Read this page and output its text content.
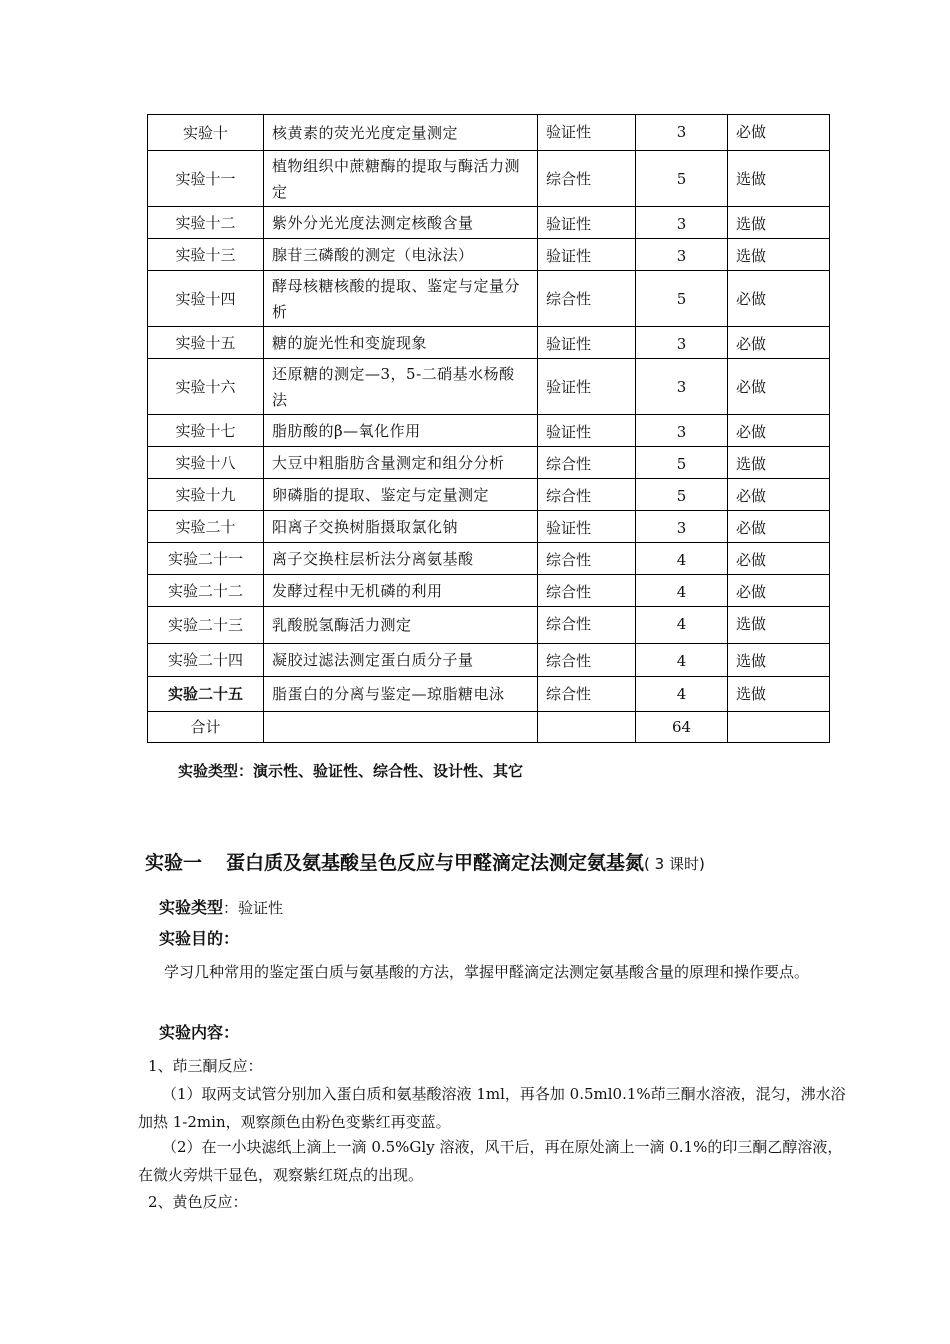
实验十	核黄素的荧光光度定量测定	验证性	3	必做
实验十一	植物组织中蔗糖酶的提取与酶活力测定	综合性	5	选做
实验十二	紫外分光光度法测定核酸含量	验证性	3	选做
实验十三	腺苷三磷酸的测定（电泳法）	验证性	3	选做
实验十四	酵母核糖核酸的提取、鉴定与定量分析	综合性	5	必做
实验十五	糖的旋光性和变旋现象	验证性	3	必做
实验十六	还原糖的测定—3，5-二硝基水杨酸法	验证性	3	必做
实验十七	脂肪酸的β—氧化作用	验证性	3	必做
实验十八	大豆中粗脂肪含量测定和组分分析	综合性	5	选做
实验十九	卵磷脂的提取、鉴定与定量测定	综合性	5	必做
实验二十	阳离子交换树脂摄取氯化钠	验证性	3	必做
实验二十一	离子交换柱层析法分离氨基酸	综合性	4	必做
实验二十二	发酵过程中无机磷的利用	综合性	4	必做
实验二十三	乳酸脱氢酶活力测定	综合性	4	选做
实验二十四	凝胶过滤法测定蛋白质分子量	综合性	4	选做
实验二十五	脂蛋白的分离与鉴定—琼脂糖电泳	综合性	4	选做
合计			64	
实验类型：演示性、验证性、综合性、设计性、其它
实验一 蛋白质及氨基酸呈色反应与甲醛滴定法测定氨基氮( 3 课时)
实验类型：验证性
实验目的：
学习几种常用的鉴定蛋白质与氨基酸的方法，掌握甲醛滴定法测定氨基酸含量的原理和操作要点。
实验内容：
1、茚三酮反应：
（1）取两支试管分别加入蛋白质和氨基酸溶液 1ml，再各加 0.5ml0.1%茚三酮水溶液，混匀，沸水浴加热 1-2min，观察颜色由粉色变紫红再变蓝。
（2）在一小块滤纸上滴上一滴 0.5%Gly 溶液，风干后，再在原处滴上一滴 0.1%的印三酮乙醇溶液，在微火旁烘干显色，观察紫红斑点的出现。
2、黄色反应：
